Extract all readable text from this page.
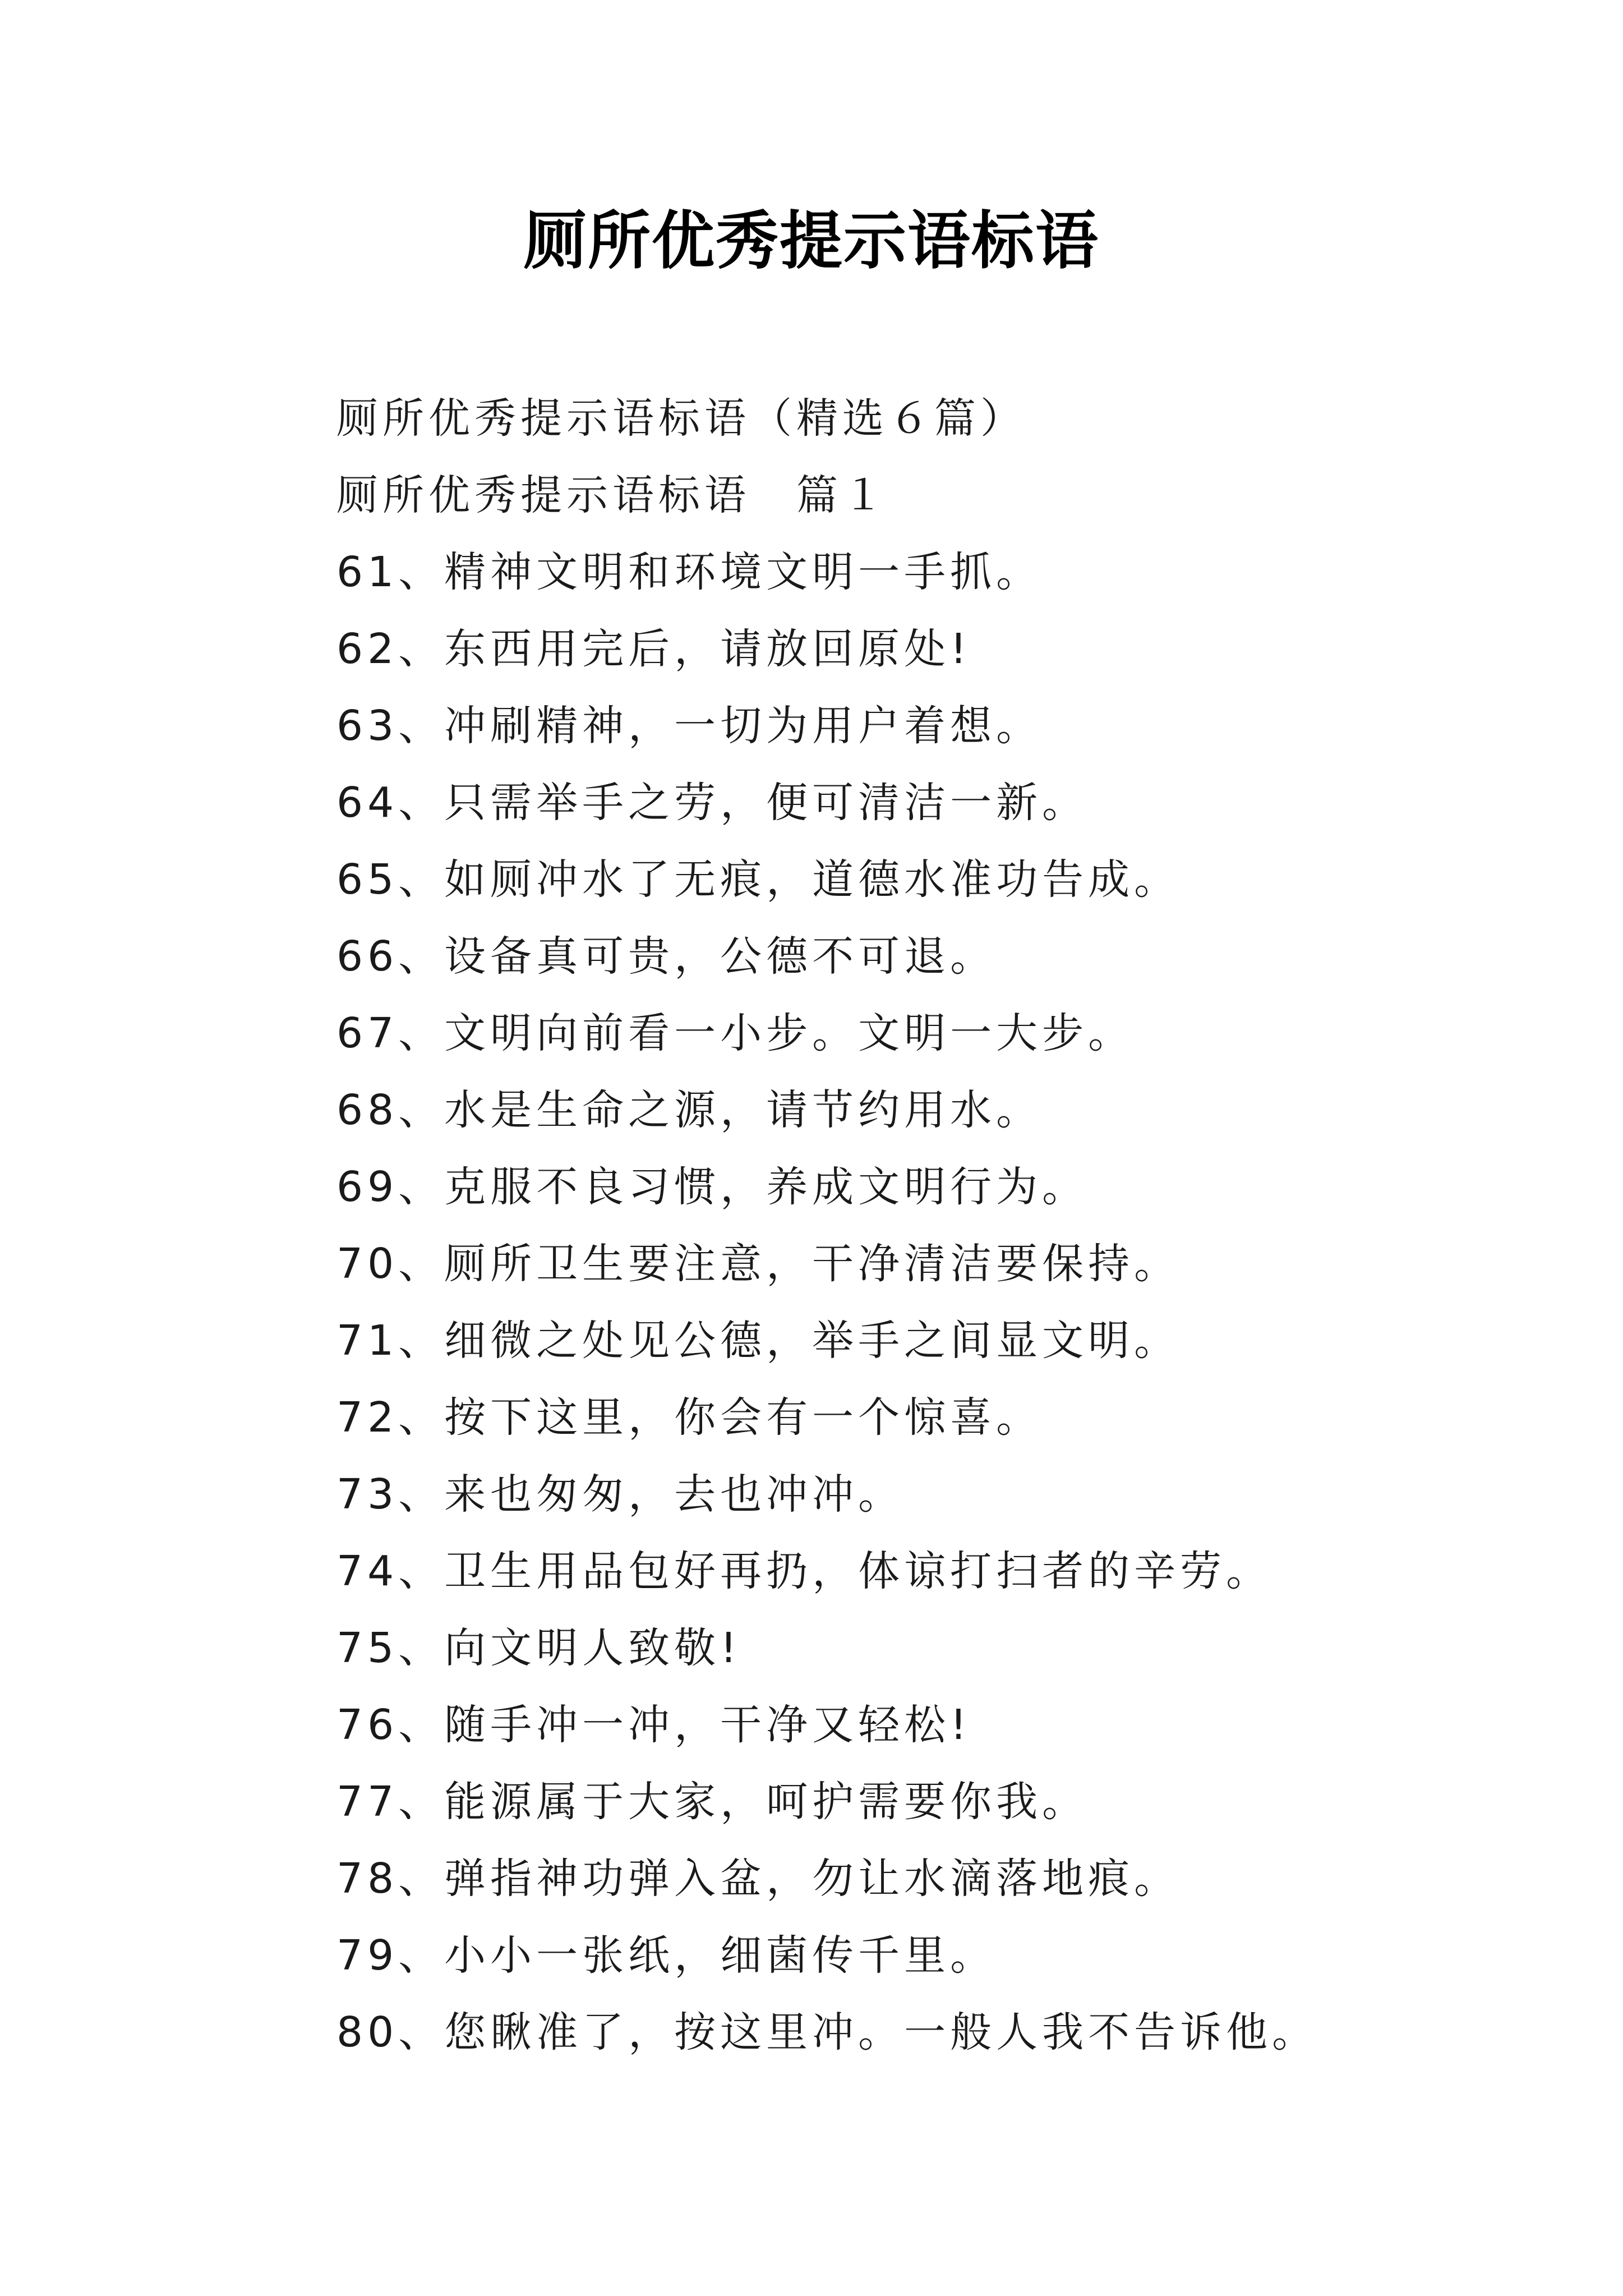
厕所优秀提示语标语
厕所优秀提示语标语（精选６篇）
厕所优秀提示语标语　篇１
61、精神文明和环境文明一手抓。
62、东西用完后，请放回原处!
63、冲刷精神，一切为用户着想。
64、只需举手之劳，便可清洁一新。
65、如厕冲水了无痕，道德水准功告成。
66、设备真可贵，公德不可退。
67、文明向前看一小步。文明一大步。
68、水是生命之源，请节约用水。
69、克服不良习惯，养成文明行为。
70、厕所卫生要注意，干净清洁要保持。
71、细微之处见公德，举手之间显文明。
72、按下这里，你会有一个惊喜。
73、来也匆匆，去也冲冲。
74、卫生用品包好再扔，体谅打扫者的辛劳。
75、向文明人致敬!
76、随手冲一冲，干净又轻松!
77、能源属于大家，呵护需要你我。
78、弹指神功弹入盆，勿让水滴落地痕。
79、小小一张纸，细菌传千里。
80、您瞅准了，按这里冲。一般人我不告诉他。
